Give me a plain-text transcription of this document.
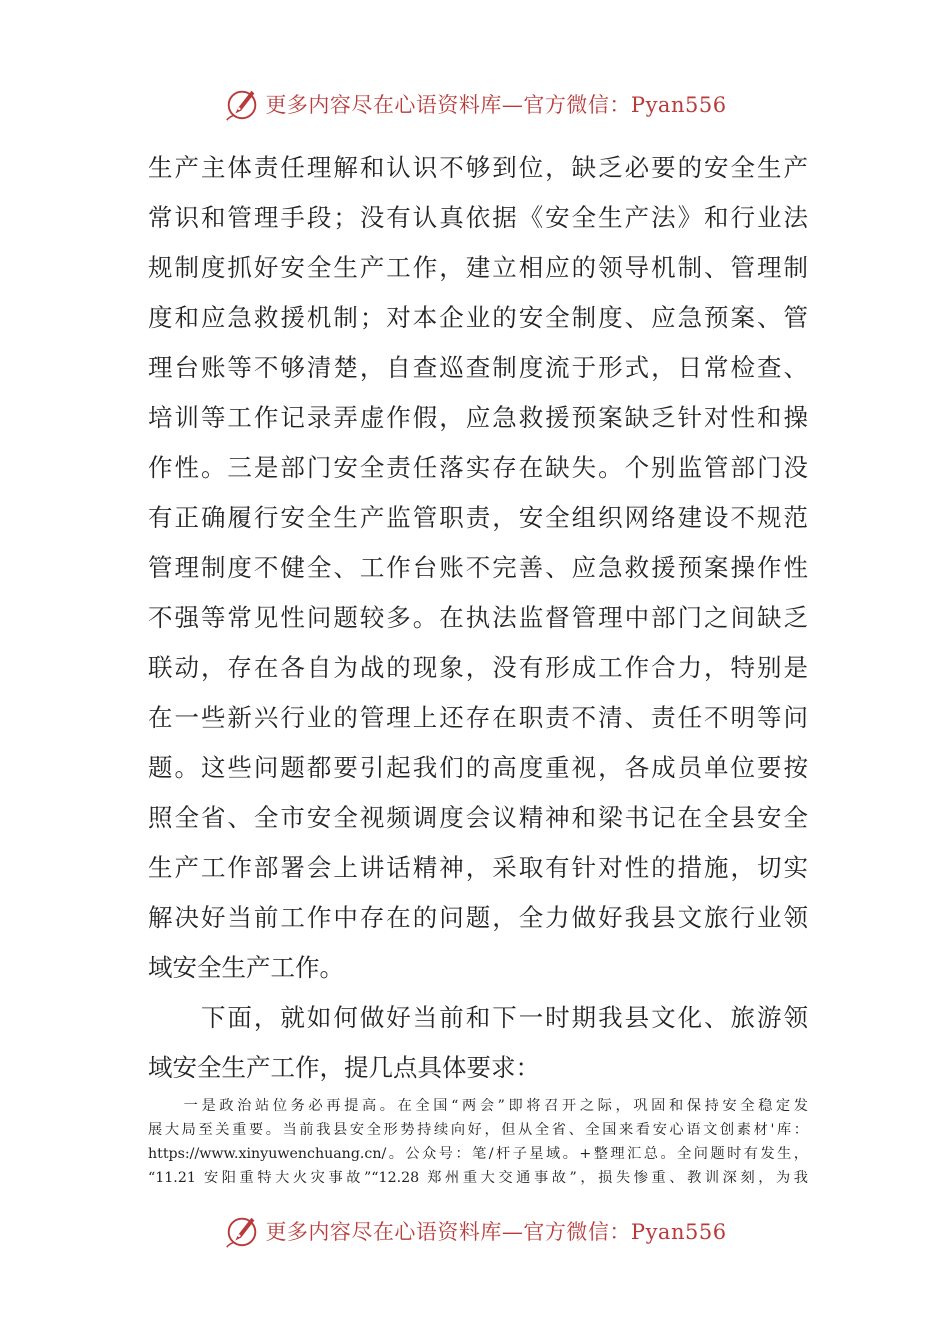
更多内容尽在心语资料库—官方微信：Pyan556
生产主体责任理解和认识不够到位，缺乏必要的安全生产
常识和管理手段；没有认真依据《安全生产法》和行业法
规制度抓好安全生产工作，建立相应的领导机制、管理制
度和应急救援机制；对本企业的安全制度、应急预案、管
理台账等不够清楚，自查巡查制度流于形式，日常检查、
培训等工作记录弄虚作假，应急救援预案缺乏针对性和操
作性。三是部门安全责任落实存在缺失。个别监管部门没
有正确履行安全生产监管职责，安全组织网络建设不规范
管理制度不健全、工作台账不完善、应急救援预案操作性
不强等常见性问题较多。在执法监督管理中部门之间缺乏
联动，存在各自为战的现象，没有形成工作合力，特别是
在一些新兴行业的管理上还存在职责不清、责任不明等问
题。这些问题都要引起我们的高度重视，各成员单位要按
照全省、全市安全视频调度会议精神和梁书记在全县安全
生产工作部署会上讲话精神，采取有针对性的措施，切实
解决好当前工作中存在的问题，全力做好我县文旅行业领
域安全生产工作。
　　下面，就如何做好当前和下一时期我县文化、旅游领
域安全生产工作，提几点具体要求：
　　一是政治站位务必再提高。在全国“两会”即将召开之际，巩固和保持安全稳定发
展大局至关重要。当前我县安全形势持续向好，但从全省、全国来看安心语文创素材'库：
https://www.xinyuwenchuang.cn/。公众号：笔/杆子星域。+整理汇总。全问题时有发生，
“11.21 安阳重特大火灾事故”“12.28 郑州重大交通事故”，损失惨重、教训深刻，为我
更多内容尽在心语资料库—官方微信：Pyan556
